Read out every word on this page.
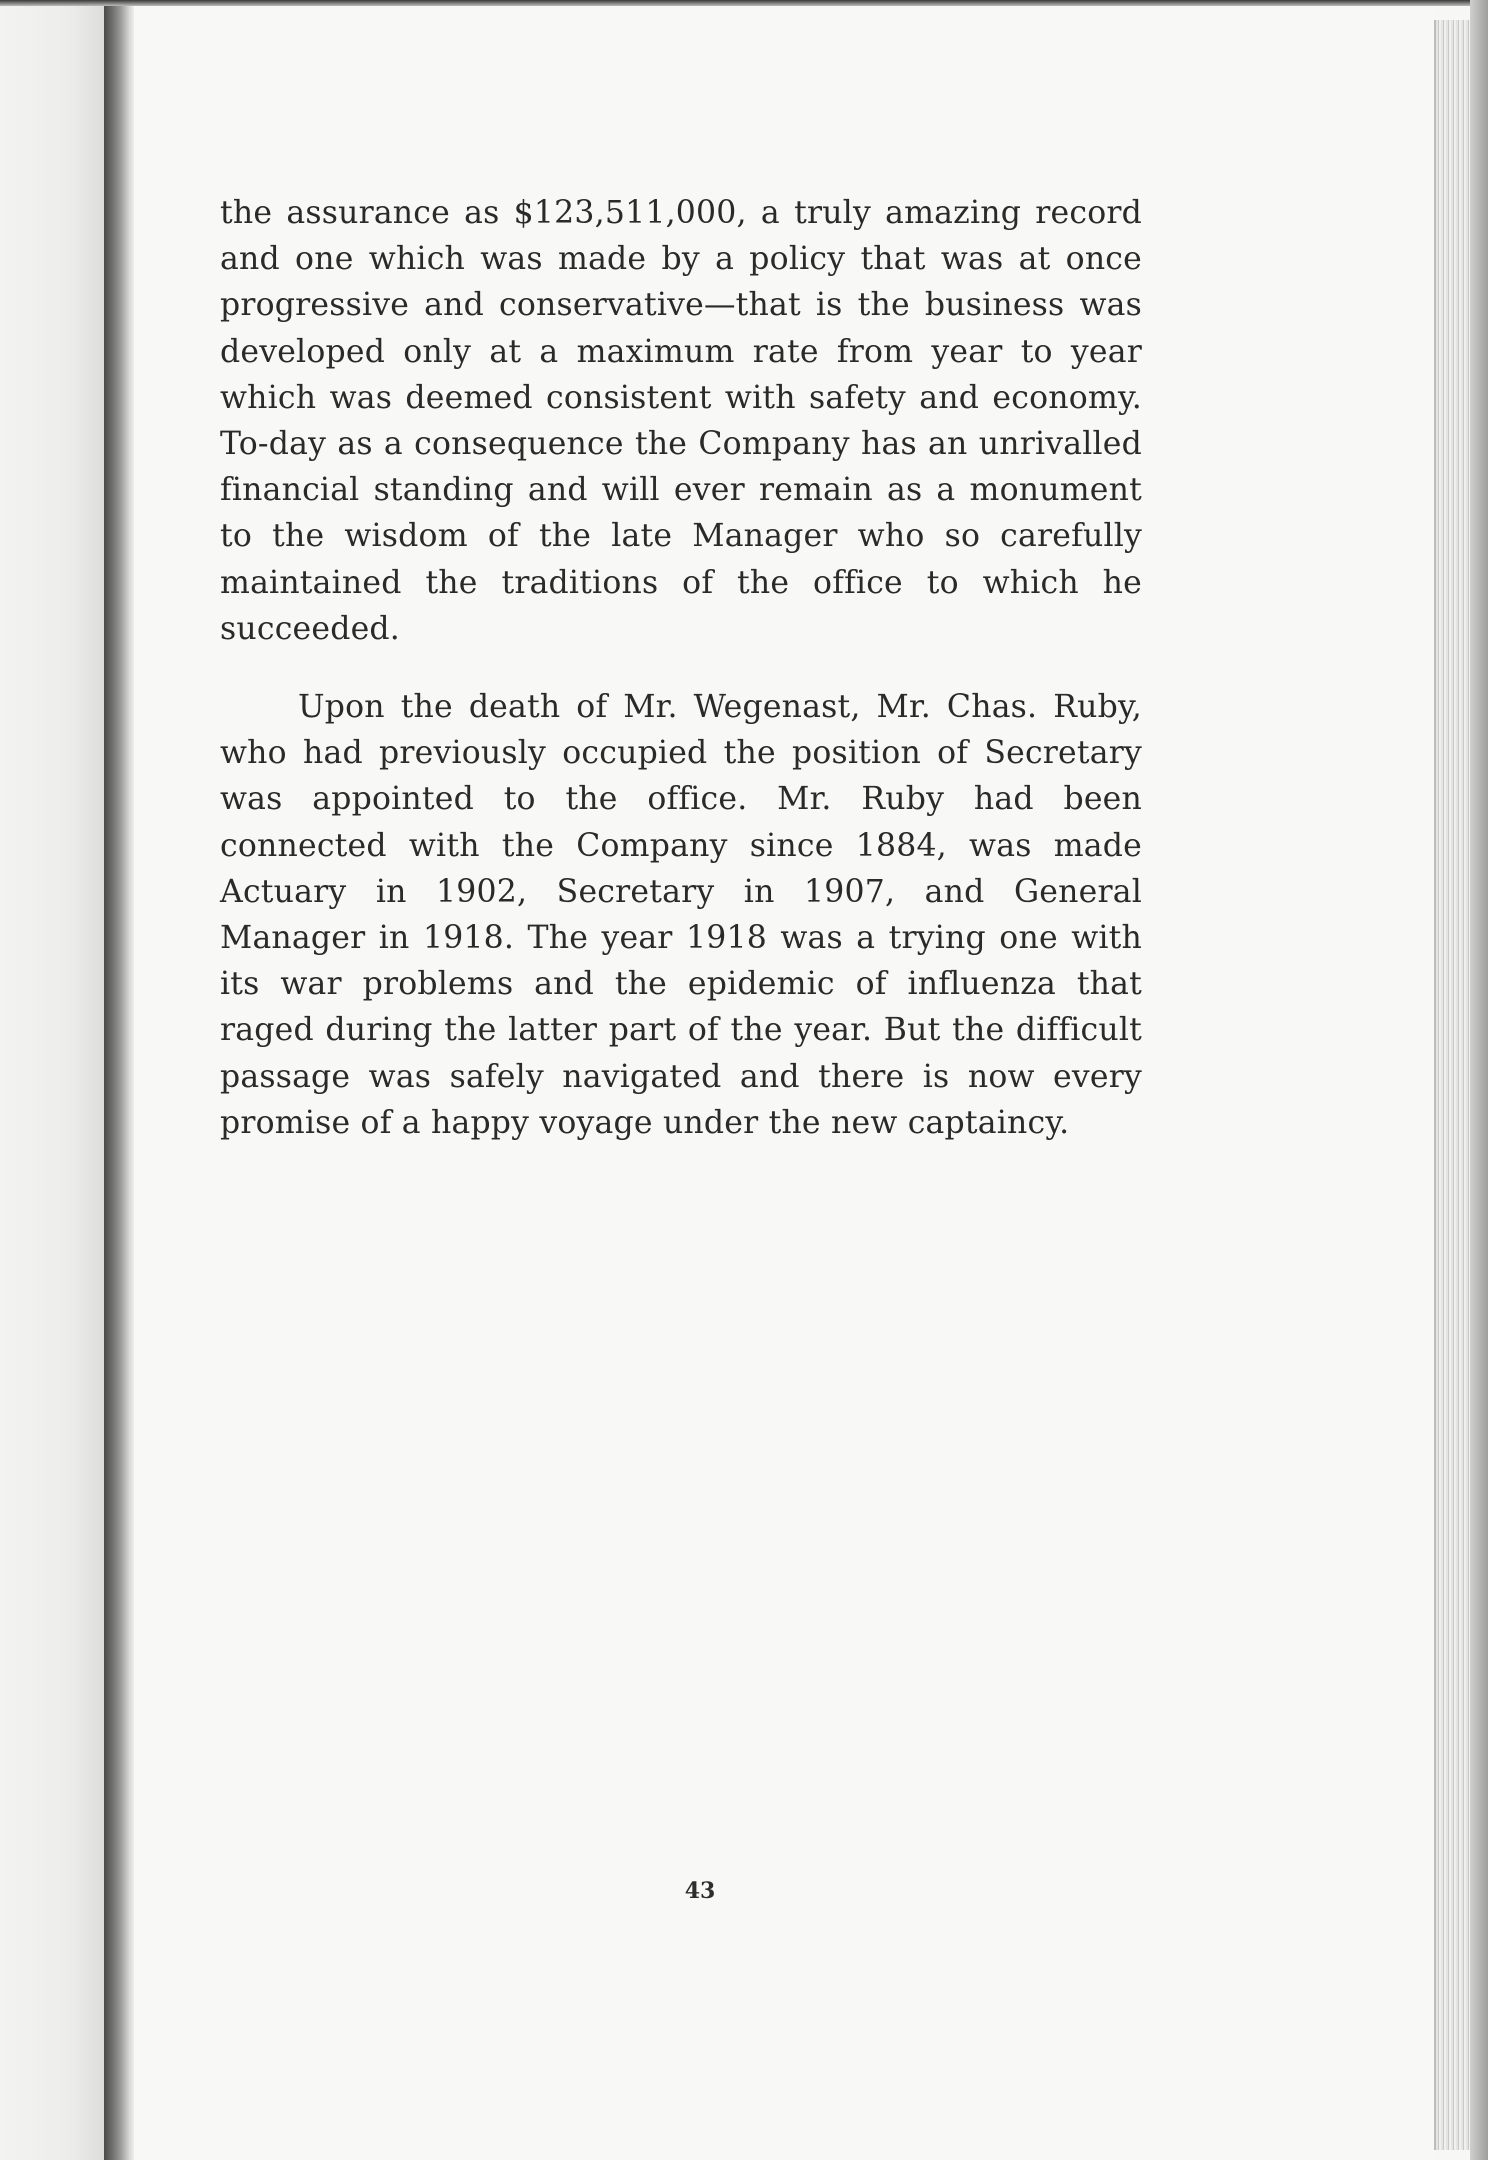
the assurance as $123,511,000, a truly amazing record and one which was made by a policy that was at once progressive and conservative—that is the business was developed only at a maximum rate from year to year which was deemed consistent with safety and economy. To-day as a consequence the Company has an unrivalled financial standing and will ever remain as a monument to the wisdom of the late Manager who so carefully maintained the traditions of the office to which he succeeded.

Upon the death of Mr. Wegenast, Mr. Chas. Ruby, who had previously occupied the position of Secretary was appointed to the office. Mr. Ruby had been connected with the Company since 1884, was made Actuary in 1902, Secretary in 1907, and General Manager in 1918. The year 1918 was a trying one with its war problems and the epidemic of influenza that raged during the latter part of the year. But the difficult passage was safely navigated and there is now every promise of a happy voyage under the new captaincy.

43
